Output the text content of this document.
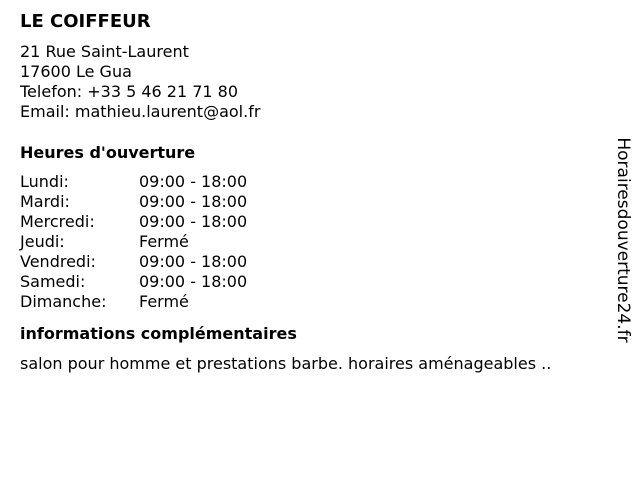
LE COIFFEUR
21 Rue Saint-Laurent
17600 Le Gua
Telefon: +33 5 46 21 71 80
Email: mathieu.laurent@aol.fr
Heures d'ouverture
Lundi:	09:00 - 18:00
Mardi:	09:00 - 18:00
Mercredi:	09:00 - 18:00
Jeudi:	Fermé
Vendredi:	09:00 - 18:00
Samedi:	09:00 - 18:00
Dimanche:	Fermé
informations complémentaires
salon pour homme et prestations barbe. horaires aménageables ..
Horairesdouverture24.fr
